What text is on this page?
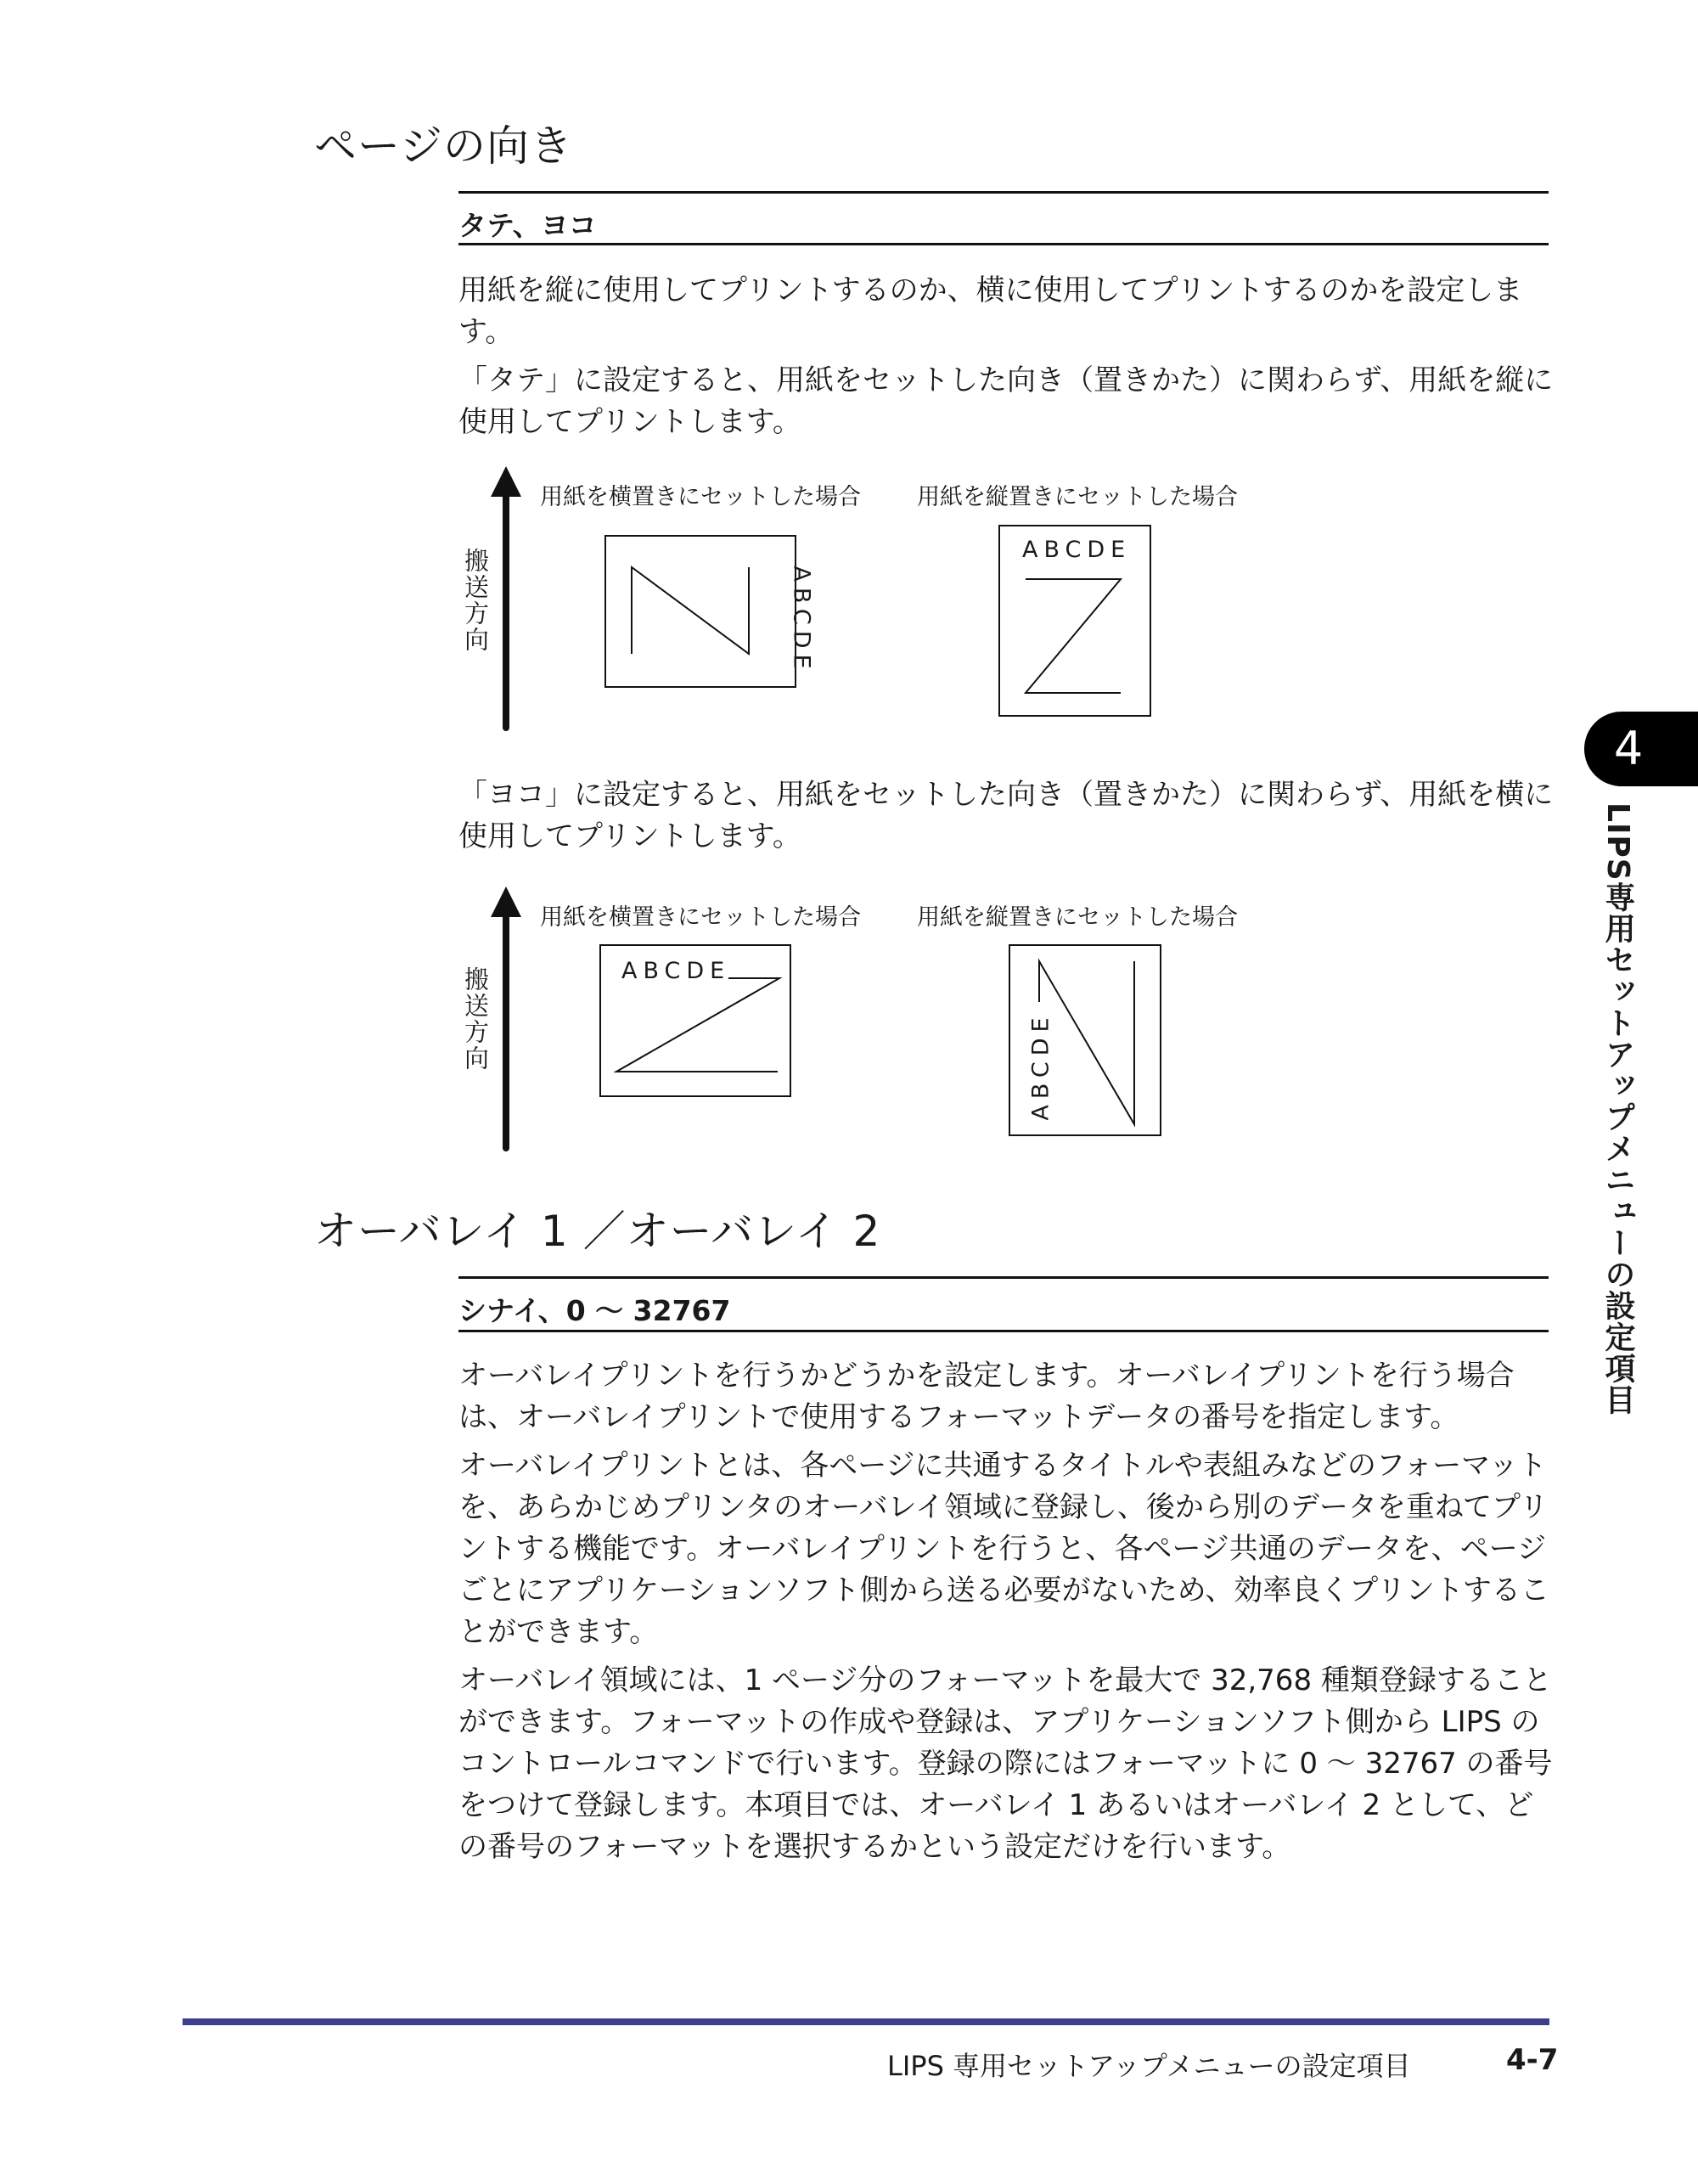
ページの向き
タテ、ヨコ

用紙を縦に使用してプリントするのか、横に使用してプリントするのかを設定します。

「タテ」に設定すると、用紙をセットした向き（置きかた）に関わらず、用紙を縦に使用してプリントします。

搬送方向
用紙を横置きにセットした場合 用紙を縦置きにセットした場合
ABCDE
ABCDE

「ヨコ」に設定すると、用紙をセットした向き（置きかた）に関わらず、用紙を横に使用してプリントします。

搬送方向
用紙を横置きにセットした場合 用紙を縦置きにセットした場合
ABCDE
ABCDE
オーバレイ 1 ／オーバレイ 2
シナイ、0 ～ 32767

オーバレイプリントを行うかどうかを設定します。オーバレイプリントを行う場合は、オーバレイプリントで使用するフォーマットデータの番号を指定します。

オーバレイプリントとは、各ページに共通するタイトルや表組みなどのフォーマットを、あらかじめプリンタのオーバレイ領域に登録し、後から別のデータを重ねてプリントする機能です。オーバレイプリントを行うと、各ページ共通のデータを、ページごとにアプリケーションソフト側から送る必要がないため、効率良くプリントすることができます。

オーバレイ領域には、1 ページ分のフォーマットを最大で 32,768 種類登録することができます。フォーマットの作成や登録は、アプリケーションソフト側から LIPS のコントロールコマンドで行います。登録の際にはフォーマットに 0 ～ 32767 の番号をつけて登録します。本項目では、オーバレイ 1 あるいはオーバレイ 2 として、どの番号のフォーマットを選択するかという設定だけを行います。

4
LIPS専用セットアップメニューの設定項目
LIPS 専用セットアップメニューの設定項目	4-7
